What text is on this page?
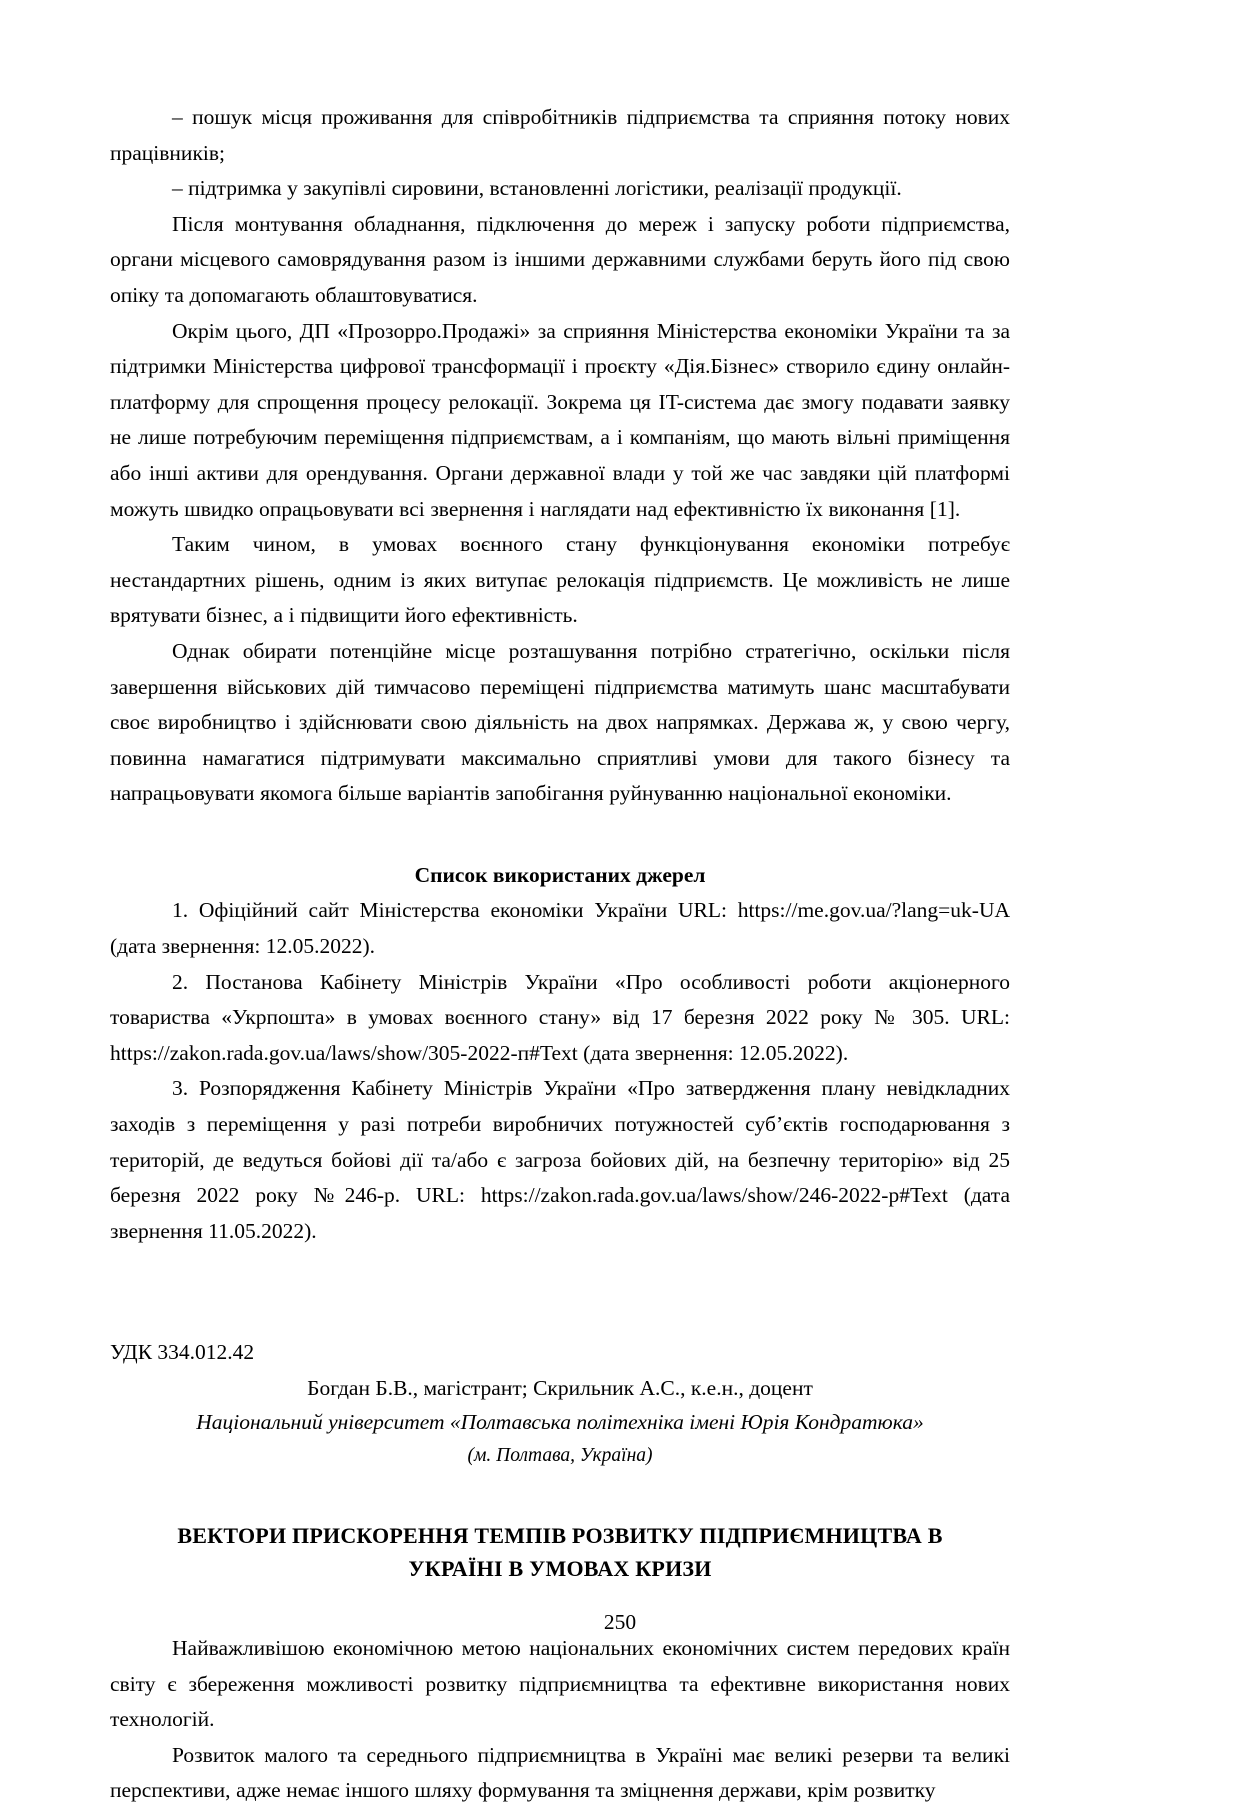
– пошук місця проживання для співробітників підприємства та сприяння потоку нових працівників;

– підтримка у закупівлі сировини, встановленні логістики, реалізації продукції.

Після монтування обладнання, підключення до мереж і запуску роботи підприємства, органи місцевого самоврядування разом із іншими державними службами беруть його під свою опіку та допомагають облаштовуватися.

Окрім цього, ДП «Прозорро.Продажі» за сприяння Міністерства економіки України та за підтримки Міністерства цифрової трансформації і проєкту «Дія.Бізнес» створило єдину онлайн-платформу для спрощення процесу релокації. Зокрема ця IT-система дає змогу подавати заявку не лише потребуючим переміщення підприємствам, а і компаніям, що мають вільні приміщення або інші активи для орендування. Органи державної влади у той же час завдяки цій платформі можуть швидко опрацьовувати всі звернення і наглядати над ефективністю їх виконання [1].

Таким чином, в умовах воєнного стану функціонування економіки потребує нестандартних рішень, одним із яких витупає релокація підприємств. Це можливість не лише врятувати бізнес, а і підвищити його ефективність.

Однак обирати потенційне місце розташування потрібно стратегічно, оскільки після завершення військових дій тимчасово переміщені підприємства матимуть шанс масштабувати своє виробництво і здійснювати свою діяльність на двох напрямках. Держава ж, у свою чергу, повинна намагатися підтримувати максимально сприятливі умови для такого бізнесу та напрацьовувати якомога більше варіантів запобігання руйнуванню національної економіки.

Список використаних джерел

1. Офіційний сайт Міністерства економіки України URL: https://me.gov.ua/?lang=uk-UA (дата звернення: 12.05.2022).

2. Постанова Кабінету Міністрів України «Про особливості роботи акціонерного товариства «Укрпошта» в умовах воєнного стану» від 17 березня 2022 року № 305. URL: https://zakon.rada.gov.ua/laws/show/305-2022-п#Text (дата звернення: 12.05.2022).

3. Розпорядження Кабінету Міністрів України «Про затвердження плану невідкладних заходів з переміщення у разі потреби виробничих потужностей суб’єктів господарювання з територій, де ведуться бойові дії та/або є загроза бойових дій, на безпечну територію» від 25 березня 2022 року №246-р. URL: https://zakon.rada.gov.ua/laws/show/246-2022-р#Text (дата звернення 11.05.2022).

УДК 334.012.42

Богдан Б.В., магістрант; Скрильник А.С., к.е.н., доцент

Національний університет «Полтавська політехніка імені Юрія Кондратюка»

(м. Полтава, Україна)

ВЕКТОРИ ПРИСКОРЕННЯ ТЕМПІВ РОЗВИТКУ ПІДПРИЄМНИЦТВА В
УКРАЇНІ В УМОВАХ КРИЗИ

Найважливішою економічною метою національних економічних систем передових країн світу є збереження можливості розвитку підприємництва та ефективне використання нових технологій.

Розвиток малого та середнього підприємництва в Україні має великі резерви та великі перспективи, адже немає іншого шляху формування та зміцнення держави, крім розвитку

250
